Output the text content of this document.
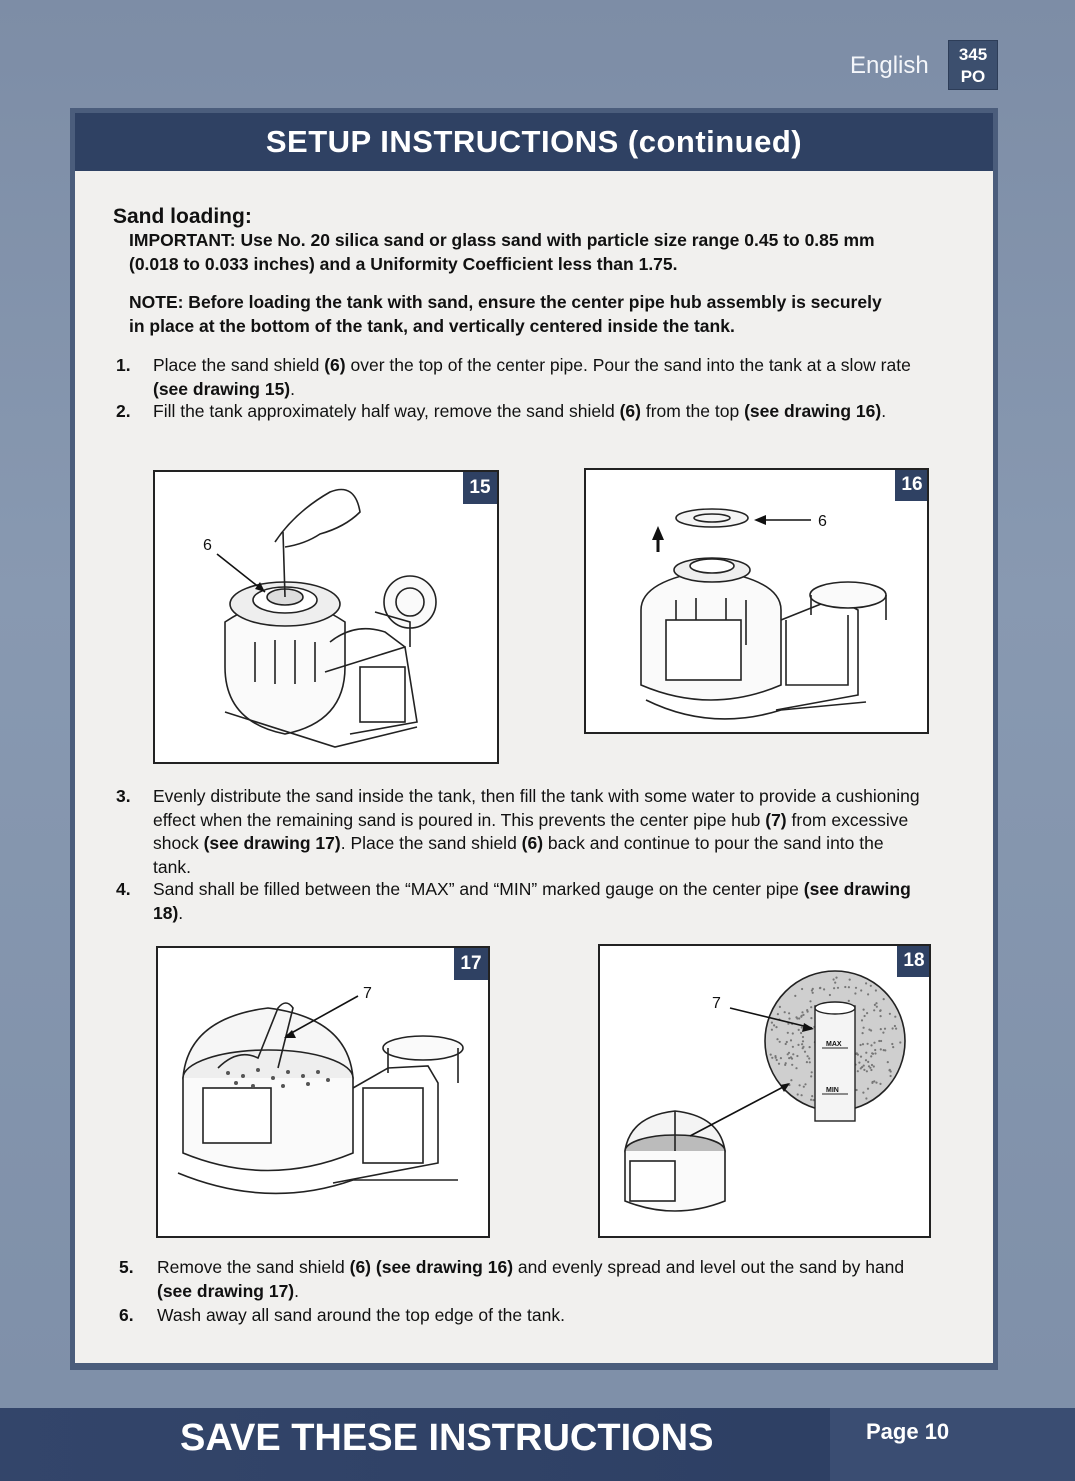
English	345
PO
SETUP INSTRUCTIONS (continued)
Sand loading:
IMPORTANT: Use No. 20 silica sand or glass sand with particle size range 0.45 to 0.85 mm (0.018 to 0.033 inches) and a Uniformity Coefficient less than 1.75.
NOTE: Before loading the tank with sand, ensure the center pipe hub assembly is securely in place at the bottom of the tank, and vertically centered inside the tank.
1. Place the sand shield (6) over the top of the center pipe. Pour the sand into the tank at a slow rate (see drawing 15).
2. Fill the tank approximately half way, remove the sand shield (6) from the top (see drawing 16).
6
15
6
16
3. Evenly distribute the sand inside the tank, then fill the tank with some water to provide a cushioning effect when the remaining sand is poured in. This prevents the center pipe hub (7) from excessive shock (see drawing 17). Place the sand shield (6) back and continue to pour the sand into the tank.
4. Sand shall be filled between the “MAX” and “MIN” marked gauge on the center pipe (see drawing 18).
7
17
MAX
MIN
7
18
5. Remove the sand shield (6) (see drawing 16) and evenly spread and level out the sand by hand (see drawing 17).
6. Wash away all sand around the top edge of the tank.
SAVE THESE INSTRUCTIONS	Page 10
